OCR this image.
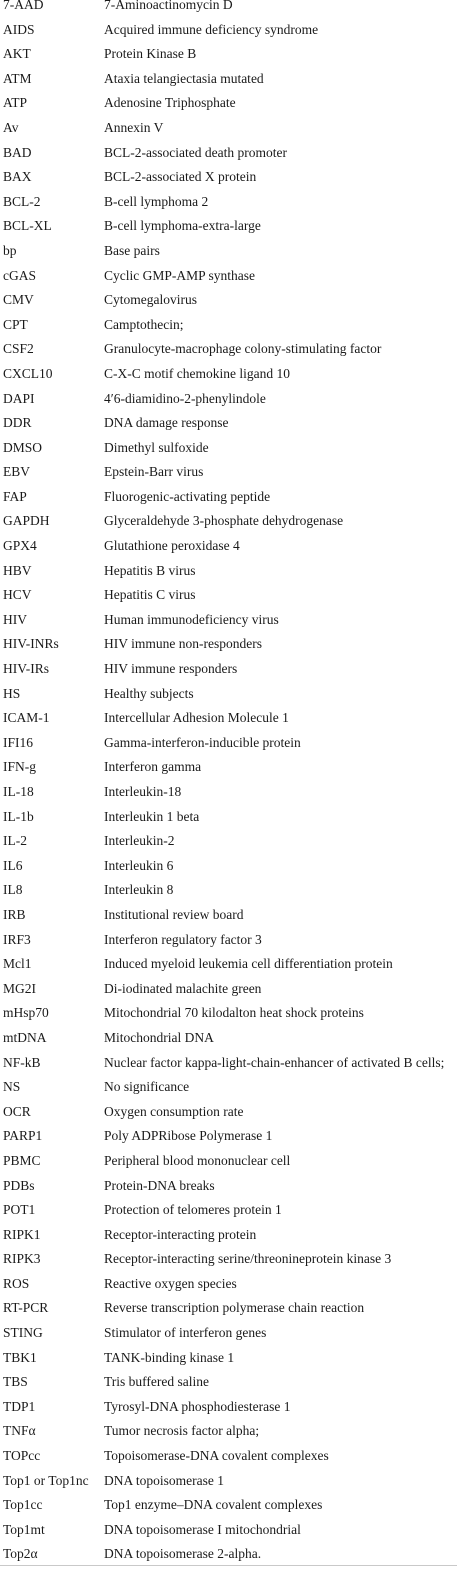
7-AAD	7-Aminoactinomycin D
AIDS	Acquired immune deficiency syndrome
AKT	Protein Kinase B
ATM	Ataxia telangiectasia mutated
ATP	Adenosine Triphosphate
Av	Annexin V
BAD	BCL-2-associated death promoter
BAX	BCL-2-associated X protein
BCL-2	B-cell lymphoma 2
BCL-XL	B-cell lymphoma-extra-large
bp	Base pairs
cGAS	Cyclic GMP-AMP synthase
CMV	Cytomegalovirus
CPT	Camptothecin;
CSF2	Granulocyte-macrophage colony-stimulating factor
CXCL10	C-X-C motif chemokine ligand 10
DAPI	4′6-diamidino-2-phenylindole
DDR	DNA damage response
DMSO	Dimethyl sulfoxide
EBV	Epstein-Barr virus
FAP	Fluorogenic-activating peptide
GAPDH	Glyceraldehyde 3-phosphate dehydrogenase
GPX4	Glutathione peroxidase 4
HBV	Hepatitis B virus
HCV	Hepatitis C virus
HIV	Human immunodeficiency virus
HIV-INRs	HIV immune non-responders
HIV-IRs	HIV immune responders
HS	Healthy subjects
ICAM-1	Intercellular Adhesion Molecule 1
IFI16	Gamma-interferon-inducible protein
IFN-g	Interferon gamma
IL-18	Interleukin-18
IL-1b	Interleukin 1 beta
IL-2	Interleukin-2
IL6	Interleukin 6
IL8	Interleukin 8
IRB	Institutional review board
IRF3	Interferon regulatory factor 3
Mcl1	Induced myeloid leukemia cell differentiation protein
MG2I	Di-iodinated malachite green
mHsp70	Mitochondrial 70 kilodalton heat shock proteins
mtDNA	Mitochondrial DNA
NF-kB	Nuclear factor kappa-light-chain-enhancer of activated B cells;
NS	No significance
OCR	Oxygen consumption rate
PARP1	Poly ADPRibose Polymerase 1
PBMC	Peripheral blood mononuclear cell
PDBs	Protein-DNA breaks
POT1	Protection of telomeres protein 1
RIPK1	Receptor-interacting protein
RIPK3	Receptor-interacting serine/threonineprotein kinase 3
ROS	Reactive oxygen species
RT-PCR	Reverse transcription polymerase chain reaction
STING	Stimulator of interferon genes
TBK1	TANK-binding kinase 1
TBS	Tris buffered saline
TDP1	Tyrosyl-DNA phosphodiesterase 1
TNFα	Tumor necrosis factor alpha;
TOPcc	Topoisomerase-DNA covalent complexes
Top1 or Top1nc	DNA topoisomerase 1
Top1cc	Top1 enzyme–DNA covalent complexes
Top1mt	DNA topoisomerase I mitochondrial
Top2α	DNA topoisomerase 2-alpha.
